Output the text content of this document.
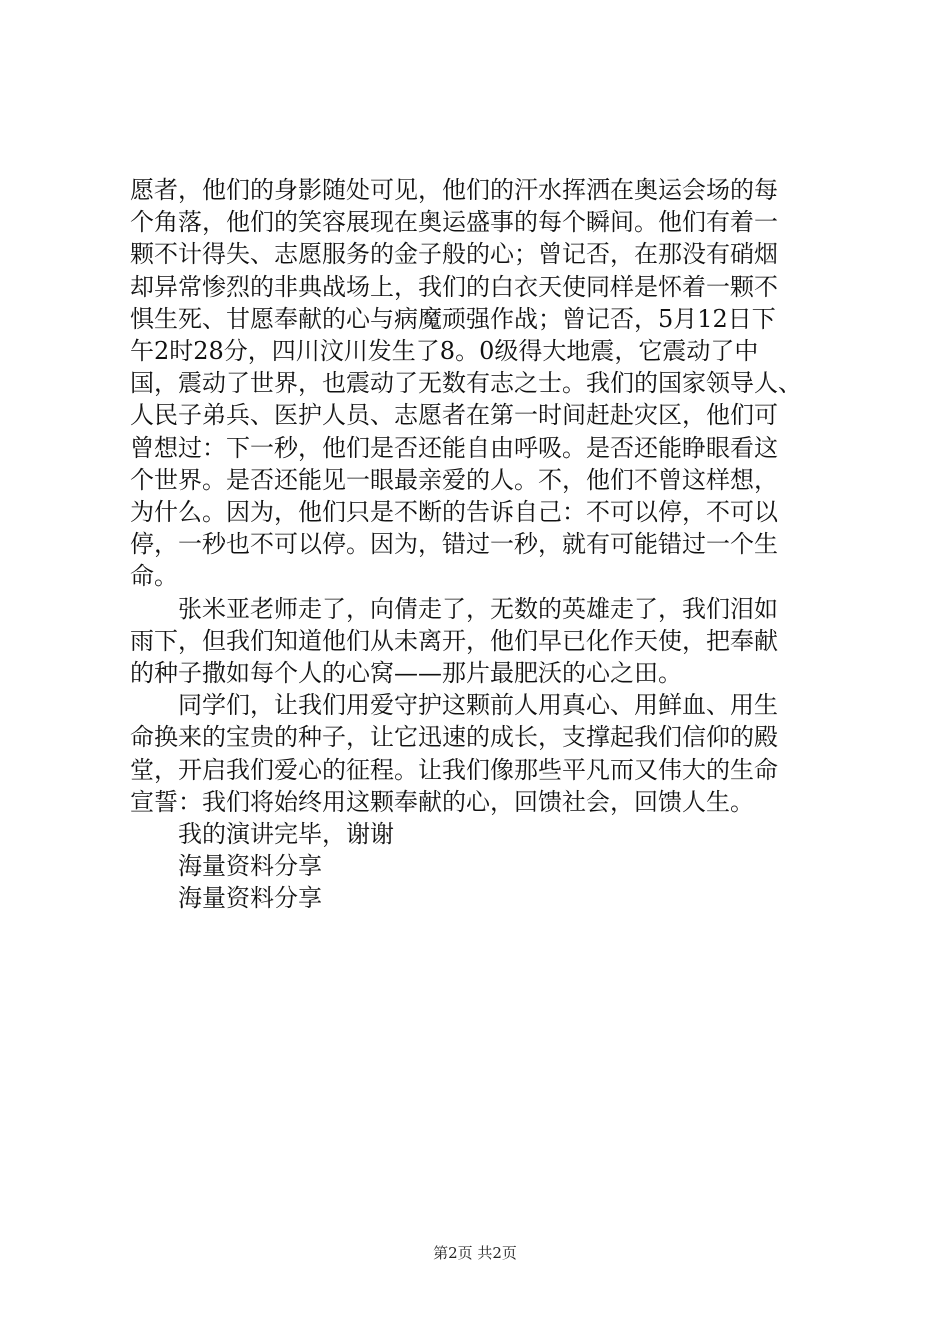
愿者，他们的身影随处可见，他们的汗水挥洒在奥运会场的每
个角落，他们的笑容展现在奥运盛事的每个瞬间。他们有着一
颗不计得失、志愿服务的金子般的心；曾记否，在那没有硝烟
却异常惨烈的非典战场上，我们的白衣天使同样是怀着一颗不
惧生死、甘愿奉献的心与病魔顽强作战；曾记否，5月12日下
午2时28分，四川汶川发生了8。0级得大地震，它震动了中
国，震动了世界，也震动了无数有志之士。我们的国家领导人、
人民子弟兵、医护人员、志愿者在第一时间赶赴灾区，他们可
曾想过：下一秒，他们是否还能自由呼吸。是否还能睁眼看这
个世界。是否还能见一眼最亲爱的人。不，他们不曾这样想，
为什么。因为，他们只是不断的告诉自己：不可以停，不可以
停，一秒也不可以停。因为，错过一秒，就有可能错过一个生
命。
张米亚老师走了，向倩走了，无数的英雄走了，我们泪如
雨下，但我们知道他们从未离开，他们早已化作天使，把奉献
的种子撒如每个人的心窝——那片最肥沃的心之田。
同学们，让我们用爱守护这颗前人用真心、用鲜血、用生
命换来的宝贵的种子，让它迅速的成长，支撑起我们信仰的殿
堂，开启我们爱心的征程。让我们像那些平凡而又伟大的生命
宣誓：我们将始终用这颗奉献的心，回馈社会，回馈人生。
我的演讲完毕，谢谢
海量资料分享
海量资料分享
第2页 共2页
